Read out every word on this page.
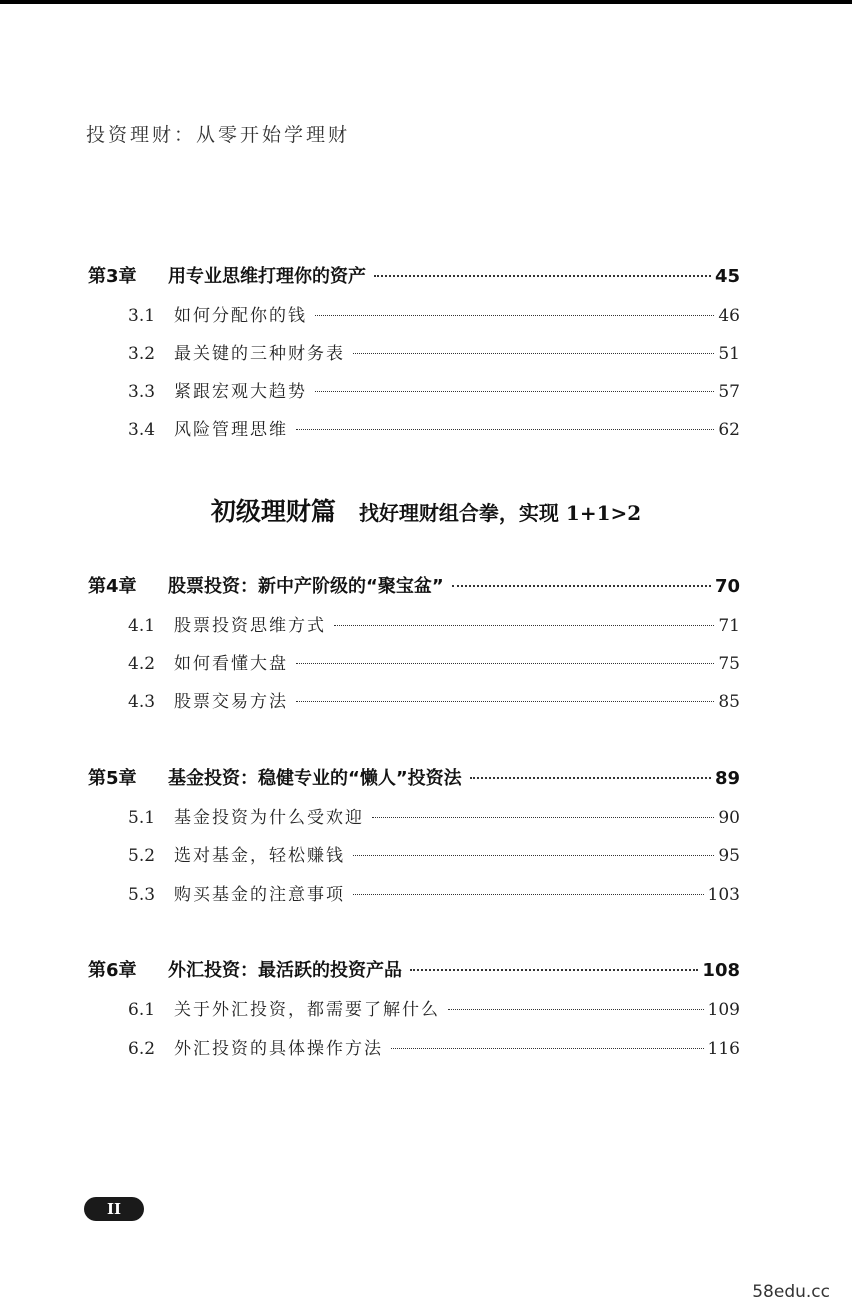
投资理财：从零开始学理财
第3章	用专业思维打理你的资产	45
3.1	如何分配你的钱	46
3.2	最关键的三种财务表	51
3.3	紧跟宏观大趋势	57
3.4	风险管理思维	62
初级理财篇 找好理财组合拳，实现 1+1>2
第4章	股票投资：新中产阶级的“聚宝盆”	70
4.1	股票投资思维方式	71
4.2	如何看懂大盘	75
4.3	股票交易方法	85
第5章	基金投资：稳健专业的“懒人”投资法	89
5.1	基金投资为什么受欢迎	90
5.2	选对基金，轻松赚钱	95
5.3	购买基金的注意事项	103
第6章	外汇投资：最活跃的投资产品	108
6.1	关于外汇投资，都需要了解什么	109
6.2	外汇投资的具体操作方法	116
II
58edu.cc
